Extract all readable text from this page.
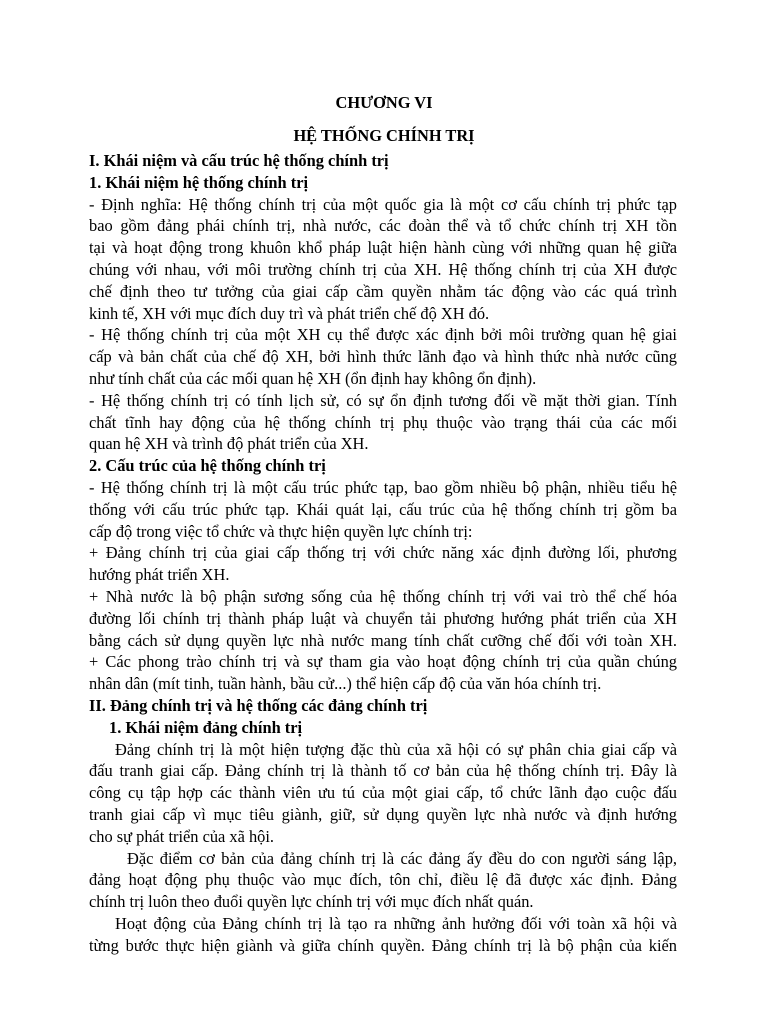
CHƯƠNG VI
HỆ THỐNG CHÍNH TRỊ
I. Khái niệm và cấu trúc hệ thống chính trị
1. Khái niệm hệ thống chính trị
- Định nghĩa: Hệ thống chính trị của một quốc gia là một cơ cấu chính trị phức tạp
bao gồm đảng phái chính trị, nhà nước, các đoàn thể và tổ chức chính trị XH tồn
tại và hoạt động trong khuôn khổ pháp luật hiện hành cùng với những quan hệ giữa
chúng với nhau, với môi trường chính trị của XH. Hệ thống chính trị của XH được
chế định theo tư tưởng của giai cấp cầm quyền nhằm tác động vào các quá trình
kinh tế, XH với mục đích duy trì và phát triển chế độ XH đó.
- Hệ thống chính trị của một XH cụ thể được xác định bởi môi trường quan hệ giai
cấp và bản chất của chế độ XH, bởi hình thức lãnh đạo và hình thức nhà nước cũng
như tính chất của các mối quan hệ XH (ổn định hay không ổn định).
- Hệ thống chính trị có tính lịch sử, có sự ổn định tương đối về mặt thời gian. Tính
chất tĩnh hay động của hệ thống chính trị phụ thuộc vào trạng thái của các mối
quan hệ XH và trình độ phát triển của XH.
2. Cấu trúc của hệ thống chính trị
- Hệ thống chính trị là một cấu trúc phức tạp, bao gồm nhiều bộ phận, nhiều tiểu hệ
thống với cấu trúc phức tạp. Khái quát lại, cấu trúc của hệ thống chính trị gồm ba
cấp độ trong việc tổ chức và thực hiện quyền lực chính trị:
+ Đảng chính trị của giai cấp thống trị với chức năng xác định đường lối, phương
hướng phát triển XH.
+ Nhà nước là bộ phận sương sống của hệ thống chính trị với vai trò thể chế hóa
đường lối chính trị thành pháp luật và chuyển tải phương hướng phát triển của XH
bằng cách sử dụng quyền lực nhà nước mang tính chất cưỡng chế đối với toàn XH.
+ Các phong trào chính trị và sự tham gia vào hoạt động chính trị của quần chúng
nhân dân (mít tinh, tuần hành, bầu cử...) thể hiện cấp độ của văn hóa chính trị.
II. Đảng chính trị và hệ thống các đảng chính trị
1. Khái niệm đảng chính trị
Đảng chính trị là một hiện tượng đặc thù của xã hội có sự phân chia giai cấp và
đấu tranh giai cấp. Đảng chính trị là thành tố cơ bản của hệ thống chính trị. Đây là
công cụ tập hợp các thành viên ưu tú của một giai cấp, tổ chức lãnh đạo cuộc đấu
tranh giai cấp vì mục tiêu giành, giữ, sử dụng quyền lực nhà nước và định hướng
cho sự phát triển của xã hội.
Đặc điểm cơ bản của đảng chính trị là các đảng ấy đều do con người sáng lập,
đảng hoạt động phụ thuộc vào mục đích, tôn chỉ, điều lệ đã được xác định. Đảng
chính trị luôn theo đuổi quyền lực chính trị với mục đích nhất quán.
Hoạt động của Đảng chính trị là tạo ra những ảnh hưởng đối với toàn xã hội và
từng bước thực hiện giành và giữa chính quyền. Đảng chính trị là bộ phận của kiến
